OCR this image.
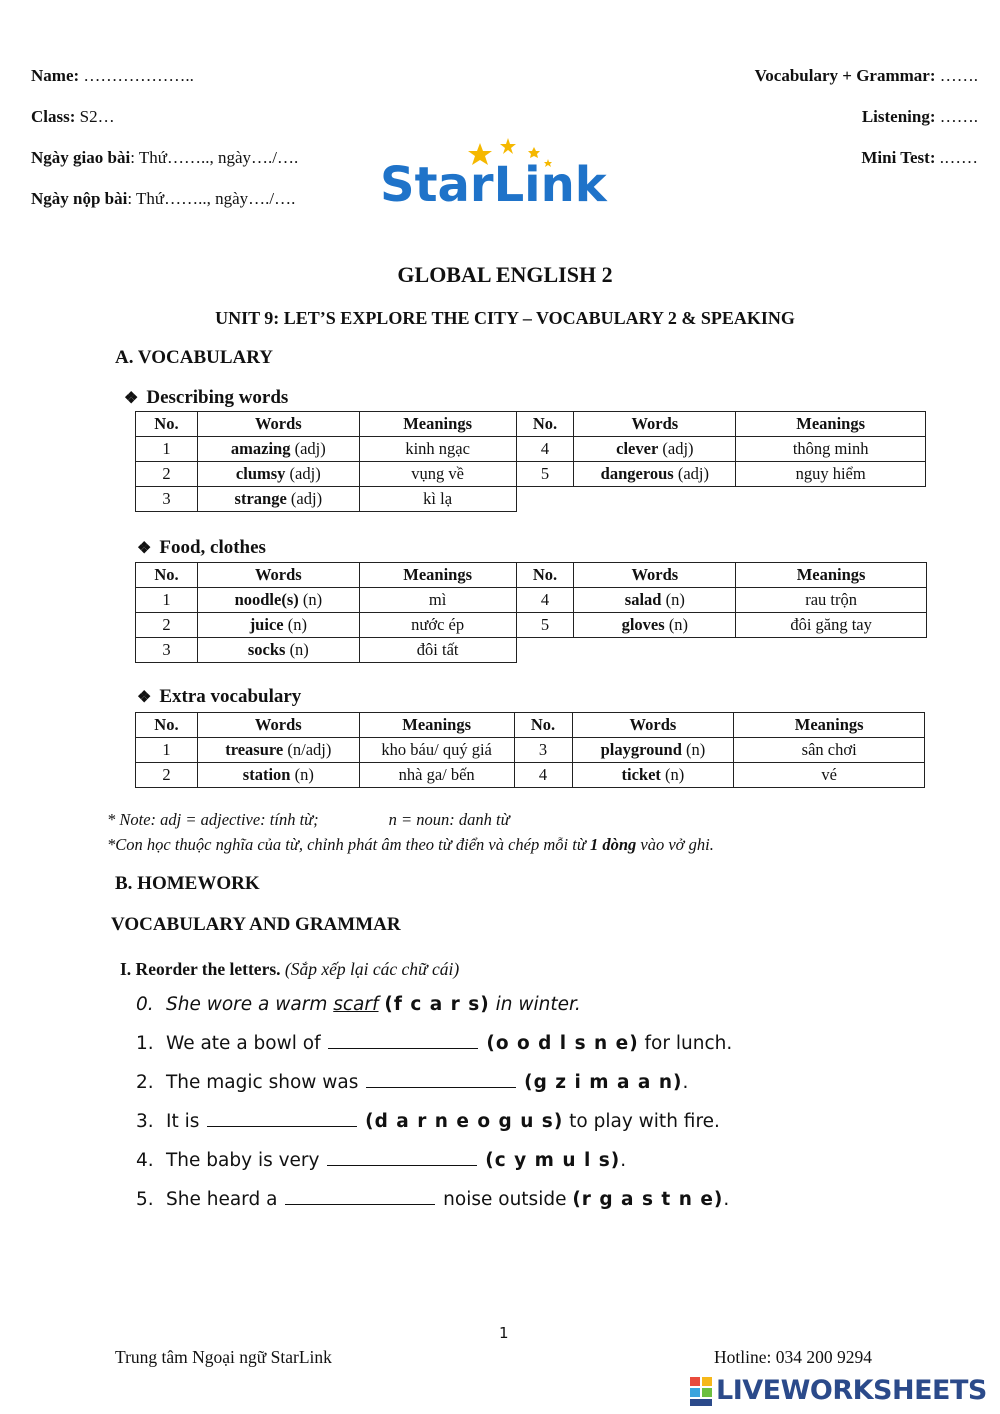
Name: ………………..
Class: S2…
Ngày giao bài: Thứ…….., ngày…./….
Ngày nộp bài: Thứ…….., ngày…./….
Vocabulary + Grammar: …….
Listening: …….
Mini Test: .……
StarLink
GLOBAL ENGLISH 2
UNIT 9: LET’S EXPLORE THE CITY – VOCABULARY 2 & SPEAKING
A. VOCABULARY
❖ Describing words
No.	Words	Meanings	No.	Words	Meanings
1	amazing (adj)	kinh ngạc	4	clever (adj)	thông minh
2	clumsy (adj)	vụng về	5	dangerous (adj)	nguy hiểm
3	strange (adj)	kì lạ			
❖ Food, clothes
No.	Words	Meanings	No.	Words	Meanings
1	noodle(s) (n)	mì	4	salad (n)	rau trộn
2	juice (n)	nước ép	5	gloves (n)	đôi găng tay
3	socks (n)	đôi tất			
❖ Extra vocabulary
No.	Words	Meanings	No.	Words	Meanings
1	treasure (n/adj)	kho báu/ quý giá	3	playground (n)	sân chơi
2	station (n)	nhà ga/ bến	4	ticket (n)	vé
* Note: adj = adjective: tính từ;	n = noun: danh từ
*Con học thuộc nghĩa của từ, chỉnh phát âm theo từ điển và chép mỗi từ 1 dòng vào vở ghi.
B. HOMEWORK
VOCABULARY AND GRAMMAR
I. Reorder the letters. (Sắp xếp lại các chữ cái)
0. She wore a warm scarf (f c a r s) in winter.
1. We ate a bowl of	(o o d l s n e) for lunch.
2. The magic show was	(g z i m a a n).
3. It is	(d a r n e o g u s) to play with fire.
4. The baby is very	(c y m u l s).
5. She heard a	noise outside (r g a s t n e).
1
Trung tâm Ngoại ngữ StarLink	Hotline: 034 200 9294
LIVEWORKSHEETS
